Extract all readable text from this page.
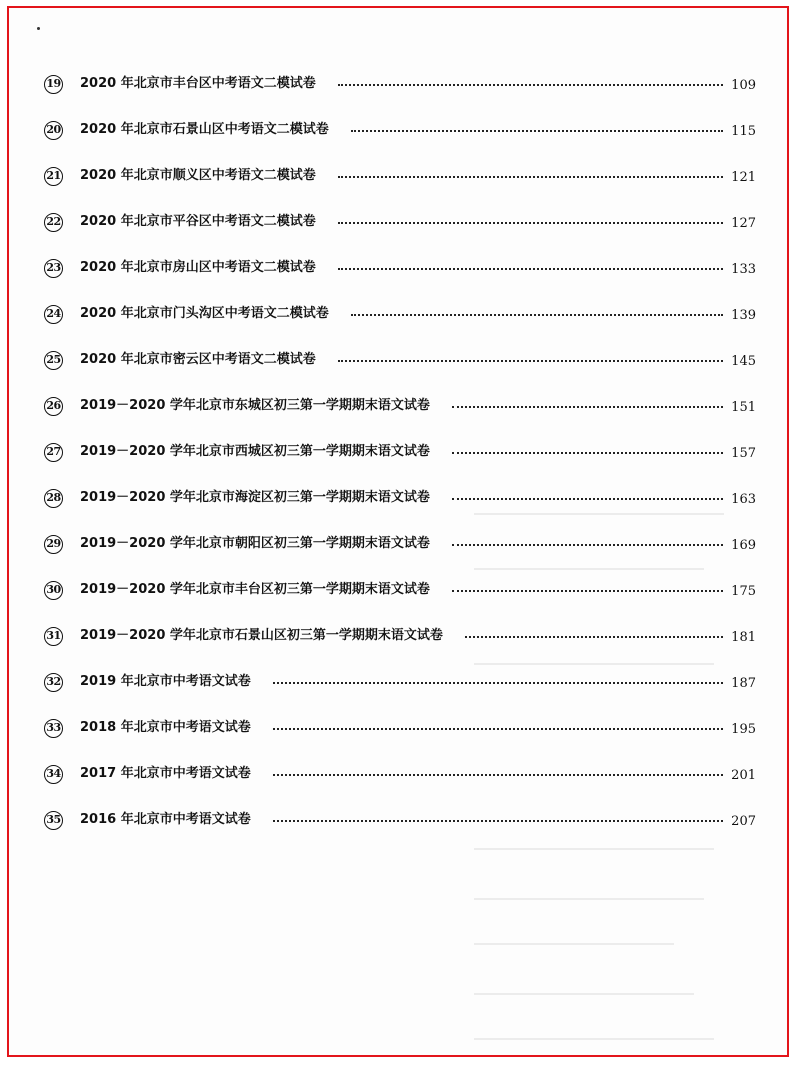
19 2020 年北京市丰台区中考语文二模试卷	109
20 2020 年北京市石景山区中考语文二模试卷	115
21 2020 年北京市顺义区中考语文二模试卷	121
22 2020 年北京市平谷区中考语文二模试卷	127
23 2020 年北京市房山区中考语文二模试卷	133
24 2020 年北京市门头沟区中考语文二模试卷	139
25 2020 年北京市密云区中考语文二模试卷	145
26 2019－2020 学年北京市东城区初三第一学期期末语文试卷	151
27 2019－2020 学年北京市西城区初三第一学期期末语文试卷	157
28 2019－2020 学年北京市海淀区初三第一学期期末语文试卷	163
29 2019－2020 学年北京市朝阳区初三第一学期期末语文试卷	169
30 2019－2020 学年北京市丰台区初三第一学期期末语文试卷	175
31 2019－2020 学年北京市石景山区初三第一学期期末语文试卷	181
32 2019 年北京市中考语文试卷	187
33 2018 年北京市中考语文试卷	195
34 2017 年北京市中考语文试卷	201
35 2016 年北京市中考语文试卷	207
